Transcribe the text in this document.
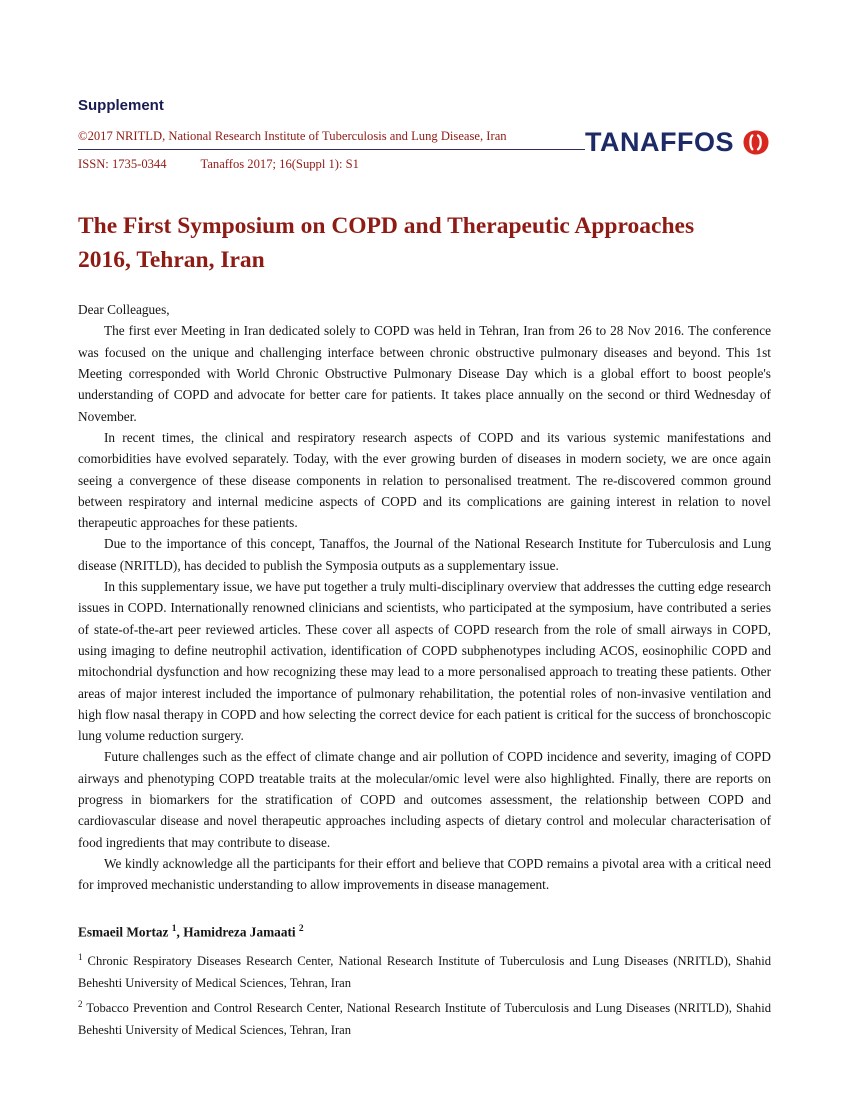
Supplement
©2017 NRITLD, National Research Institute of Tuberculosis and Lung Disease, Iran
ISSN: 1735-0344	Tanaffos 2017; 16(Suppl 1): S1
TANAFFOS
The First Symposium on COPD and Therapeutic Approaches 2016, Tehran, Iran

Dear Colleagues,

The first ever Meeting in Iran dedicated solely to COPD was held in Tehran, Iran from 26 to 28 Nov 2016. The conference was focused on the unique and challenging interface between chronic obstructive pulmonary diseases and beyond. This 1st Meeting corresponded with World Chronic Obstructive Pulmonary Disease Day which is a global effort to boost people's understanding of COPD and advocate for better care for patients. It takes place annually on the second or third Wednesday of November.

In recent times, the clinical and respiratory research aspects of COPD and its various systemic manifestations and comorbidities have evolved separately. Today, with the ever growing burden of diseases in modern society, we are once again seeing a convergence of these disease components in relation to personalised treatment. The re-discovered common ground between respiratory and internal medicine aspects of COPD and its complications are gaining interest in relation to novel therapeutic approaches for these patients.

Due to the importance of this concept, Tanaffos, the Journal of the National Research Institute for Tuberculosis and Lung disease (NRITLD), has decided to publish the Symposia outputs as a supplementary issue.

In this supplementary issue, we have put together a truly multi-disciplinary overview that addresses the cutting edge research issues in COPD. Internationally renowned clinicians and scientists, who participated at the symposium, have contributed a series of state-of-the-art peer reviewed articles. These cover all aspects of COPD research from the role of small airways in COPD, using imaging to define neutrophil activation, identification of COPD subphenotypes including ACOS, eosinophilic COPD and mitochondrial dysfunction and how recognizing these may lead to a more personalised approach to treating these patients. Other areas of major interest included the importance of pulmonary rehabilitation, the potential roles of non-invasive ventilation and high flow nasal therapy in COPD and how selecting the correct device for each patient is critical for the success of bronchoscopic lung volume reduction surgery.

Future challenges such as the effect of climate change and air pollution of COPD incidence and severity, imaging of COPD airways and phenotyping COPD treatable traits at the molecular/omic level were also highlighted. Finally, there are reports on progress in biomarkers for the stratification of COPD and outcomes assessment, the relationship between COPD and cardiovascular disease and novel therapeutic approaches including aspects of dietary control and molecular characterisation of food ingredients that may contribute to disease.

We kindly acknowledge all the participants for their effort and believe that COPD remains a pivotal area with a critical need for improved mechanistic understanding to allow improvements in disease management.

Esmaeil Mortaz $^1$, Hamidreza Jamaati $^2$

$^1$ Chronic Respiratory Diseases Research Center, National Research Institute of Tuberculosis and Lung Diseases (NRITLD), Shahid Beheshti University of Medical Sciences, Tehran, Iran

$^2$ Tobacco Prevention and Control Research Center, National Research Institute of Tuberculosis and Lung Diseases (NRITLD), Shahid Beheshti University of Medical Sciences, Tehran, Iran
